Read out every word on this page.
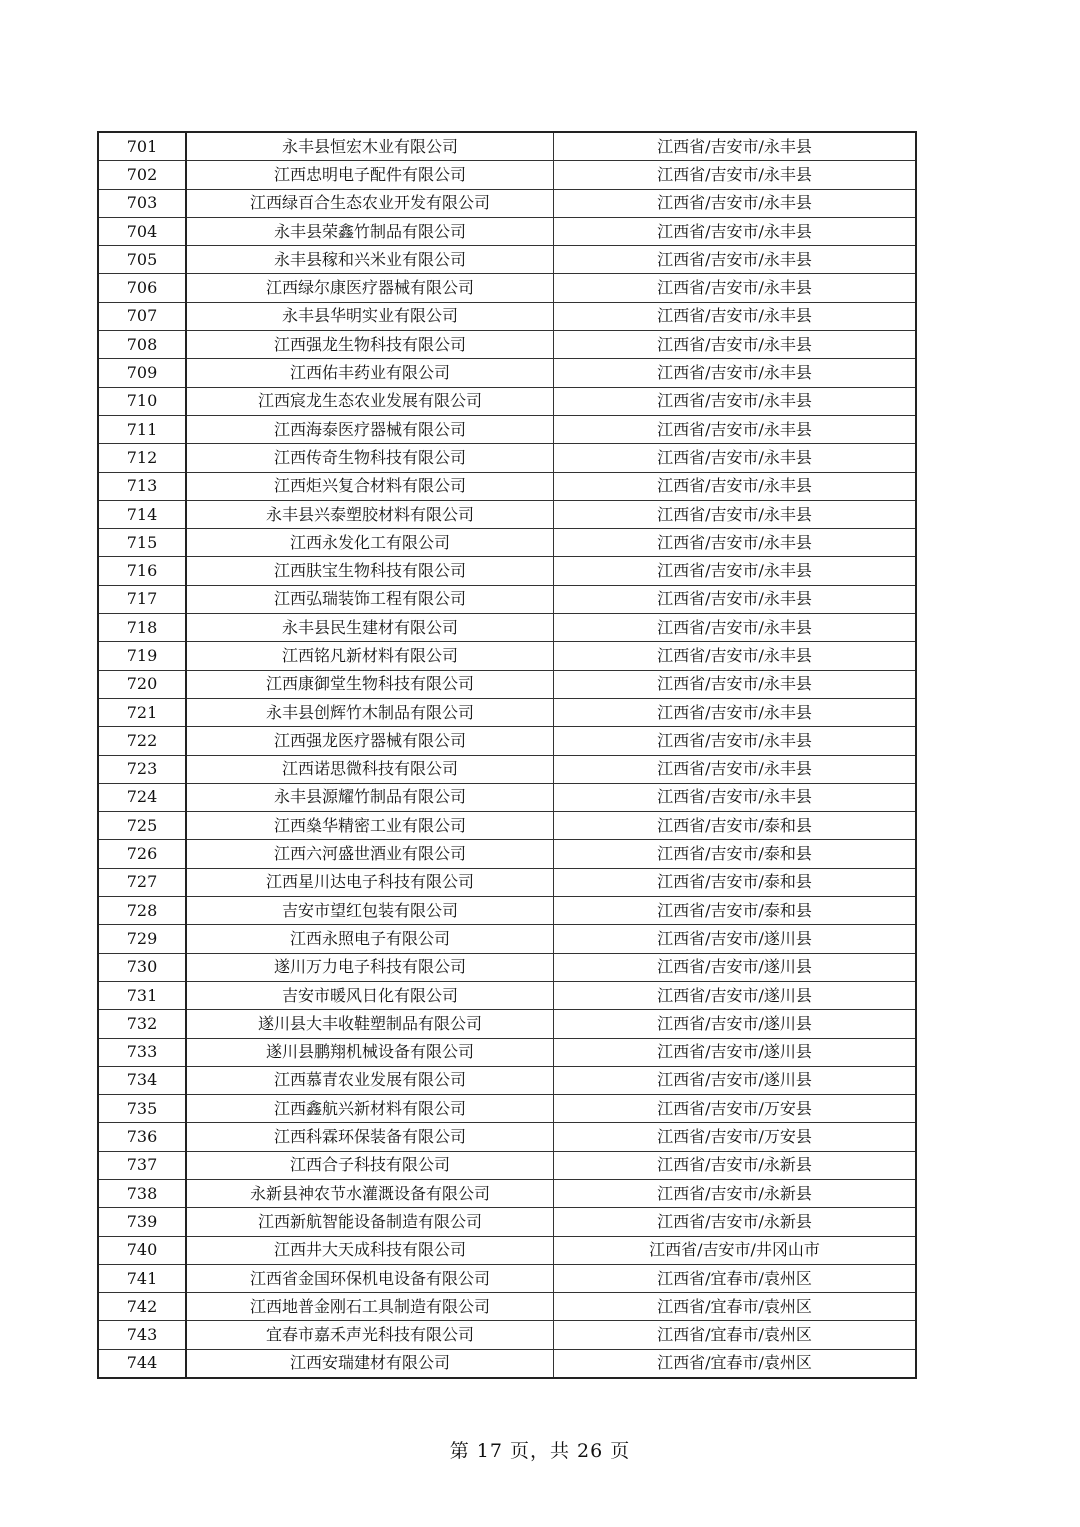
701	永丰县恒宏木业有限公司	江西省/吉安市/永丰县
702	江西忠明电子配件有限公司	江西省/吉安市/永丰县
703	江西绿百合生态农业开发有限公司	江西省/吉安市/永丰县
704	永丰县荣鑫竹制品有限公司	江西省/吉安市/永丰县
705	永丰县稼和兴米业有限公司	江西省/吉安市/永丰县
706	江西绿尔康医疗器械有限公司	江西省/吉安市/永丰县
707	永丰县华明实业有限公司	江西省/吉安市/永丰县
708	江西强龙生物科技有限公司	江西省/吉安市/永丰县
709	江西佑丰药业有限公司	江西省/吉安市/永丰县
710	江西宸龙生态农业发展有限公司	江西省/吉安市/永丰县
711	江西海泰医疗器械有限公司	江西省/吉安市/永丰县
712	江西传奇生物科技有限公司	江西省/吉安市/永丰县
713	江西炬兴复合材料有限公司	江西省/吉安市/永丰县
714	永丰县兴泰塑胶材料有限公司	江西省/吉安市/永丰县
715	江西永发化工有限公司	江西省/吉安市/永丰县
716	江西肤宝生物科技有限公司	江西省/吉安市/永丰县
717	江西弘瑞装饰工程有限公司	江西省/吉安市/永丰县
718	永丰县民生建材有限公司	江西省/吉安市/永丰县
719	江西铭凡新材料有限公司	江西省/吉安市/永丰县
720	江西康御堂生物科技有限公司	江西省/吉安市/永丰县
721	永丰县创辉竹木制品有限公司	江西省/吉安市/永丰县
722	江西强龙医疗器械有限公司	江西省/吉安市/永丰县
723	江西诺思微科技有限公司	江西省/吉安市/永丰县
724	永丰县源耀竹制品有限公司	江西省/吉安市/永丰县
725	江西燊华精密工业有限公司	江西省/吉安市/泰和县
726	江西六河盛世酒业有限公司	江西省/吉安市/泰和县
727	江西星川达电子科技有限公司	江西省/吉安市/泰和县
728	吉安市望红包装有限公司	江西省/吉安市/泰和县
729	江西永照电子有限公司	江西省/吉安市/遂川县
730	遂川万力电子科技有限公司	江西省/吉安市/遂川县
731	吉安市暖风日化有限公司	江西省/吉安市/遂川县
732	遂川县大丰收鞋塑制品有限公司	江西省/吉安市/遂川县
733	遂川县鹏翔机械设备有限公司	江西省/吉安市/遂川县
734	江西慕青农业发展有限公司	江西省/吉安市/遂川县
735	江西鑫航兴新材料有限公司	江西省/吉安市/万安县
736	江西科霖环保装备有限公司	江西省/吉安市/万安县
737	江西合子科技有限公司	江西省/吉安市/永新县
738	永新县神农节水灌溉设备有限公司	江西省/吉安市/永新县
739	江西新航智能设备制造有限公司	江西省/吉安市/永新县
740	江西井大天成科技有限公司	江西省/吉安市/井冈山市
741	江西省金国环保机电设备有限公司	江西省/宜春市/袁州区
742	江西地普金刚石工具制造有限公司	江西省/宜春市/袁州区
743	宜春市嘉禾声光科技有限公司	江西省/宜春市/袁州区
744	江西安瑞建材有限公司	江西省/宜春市/袁州区
第 17 页，共 26 页
